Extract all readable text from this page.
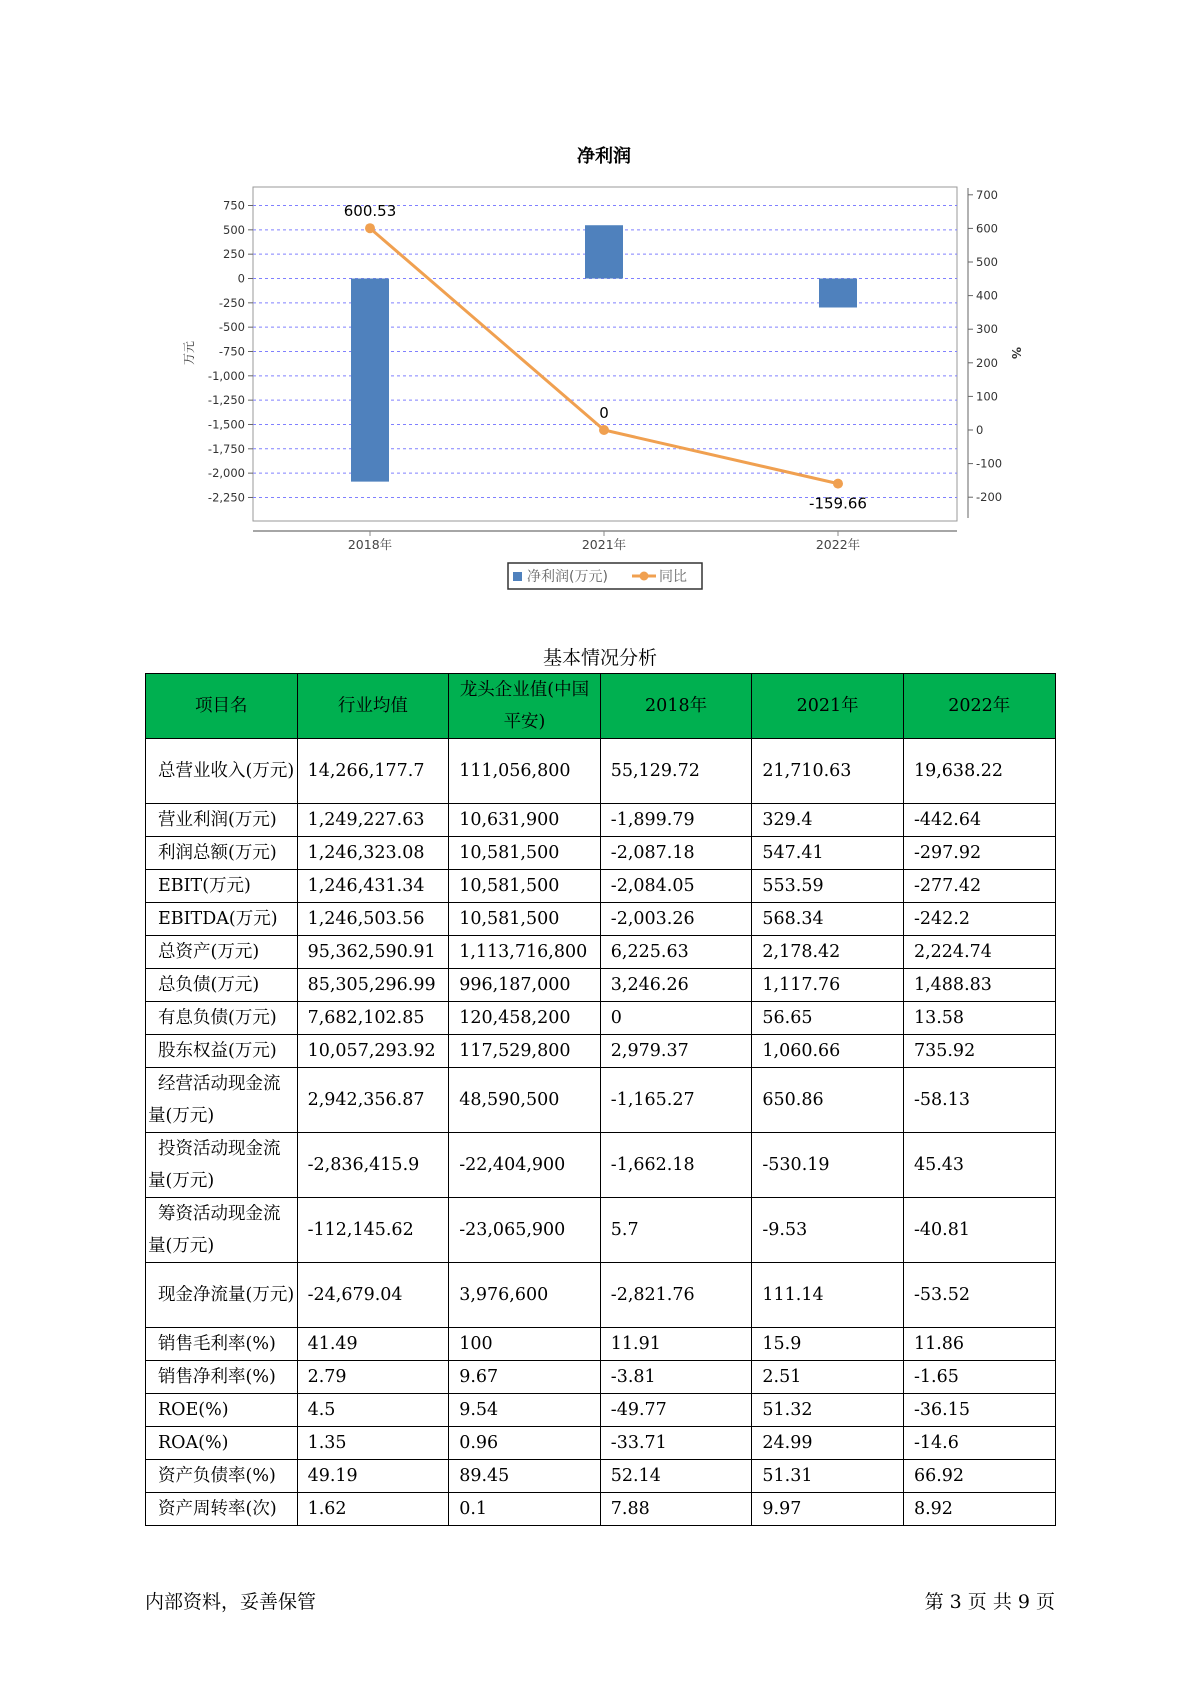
净利润
750
500
250
0
-250
-500
-750
-1,000
-1,250
-1,500
-1,750
-2,000
-2,250
700
600
500
400
300
200
100
0
-100
-200
万元	%
2018年	2021年	2022年
600.53
0
-159.66
净利润(万元)	同比
基本情况分析
项目名	行业均值	龙头企业值(中国平安)	2018年	2021年	2022年

总营业收入(万元)	14,266,177.7	111,056,800	55,129.72	21,710.63	19,638.22
营业利润(万元)	1,249,227.63	10,631,900	-1,899.79	329.4	-442.64
利润总额(万元)	1,246,323.08	10,581,500	-2,087.18	547.41	-297.92
EBIT(万元)	1,246,431.34	10,581,500	-2,084.05	553.59	-277.42
EBITDA(万元)	1,246,503.56	10,581,500	-2,003.26	568.34	-242.2
总资产(万元)	95,362,590.91	1,113,716,800	6,225.63	2,178.42	2,224.74
总负债(万元)	85,305,296.99	996,187,000	3,246.26	1,117.76	1,488.83
有息负债(万元)	7,682,102.85	120,458,200	0	56.65	13.58
股东权益(万元)	10,057,293.92	117,529,800	2,979.37	1,060.66	735.92

经营活动现金流量(万元)	2,942,356.87	48,590,500	-1,165.27	650.86	-58.13

投资活动现金流量(万元)	-2,836,415.9	-22,404,900	-1,662.18	-530.19	45.43

筹资活动现金流量(万元)	-112,145.62	-23,065,900	5.7	-9.53	-40.81

现金净流量(万元)	-24,679.04	3,976,600	-2,821.76	111.14	-53.52
销售毛利率(%)	41.49	100	11.91	15.9	11.86
销售净利率(%)	2.79	9.67	-3.81	2.51	-1.65
ROE(%)	4.5	9.54	-49.77	51.32	-36.15
ROA(%)	1.35	0.96	-33.71	24.99	-14.6
资产负债率(%)	49.19	89.45	52.14	51.31	66.92
资产周转率(次)	1.62	0.1	7.88	9.97	8.92
内部资料，妥善保管	第 3 页 共 9 页
